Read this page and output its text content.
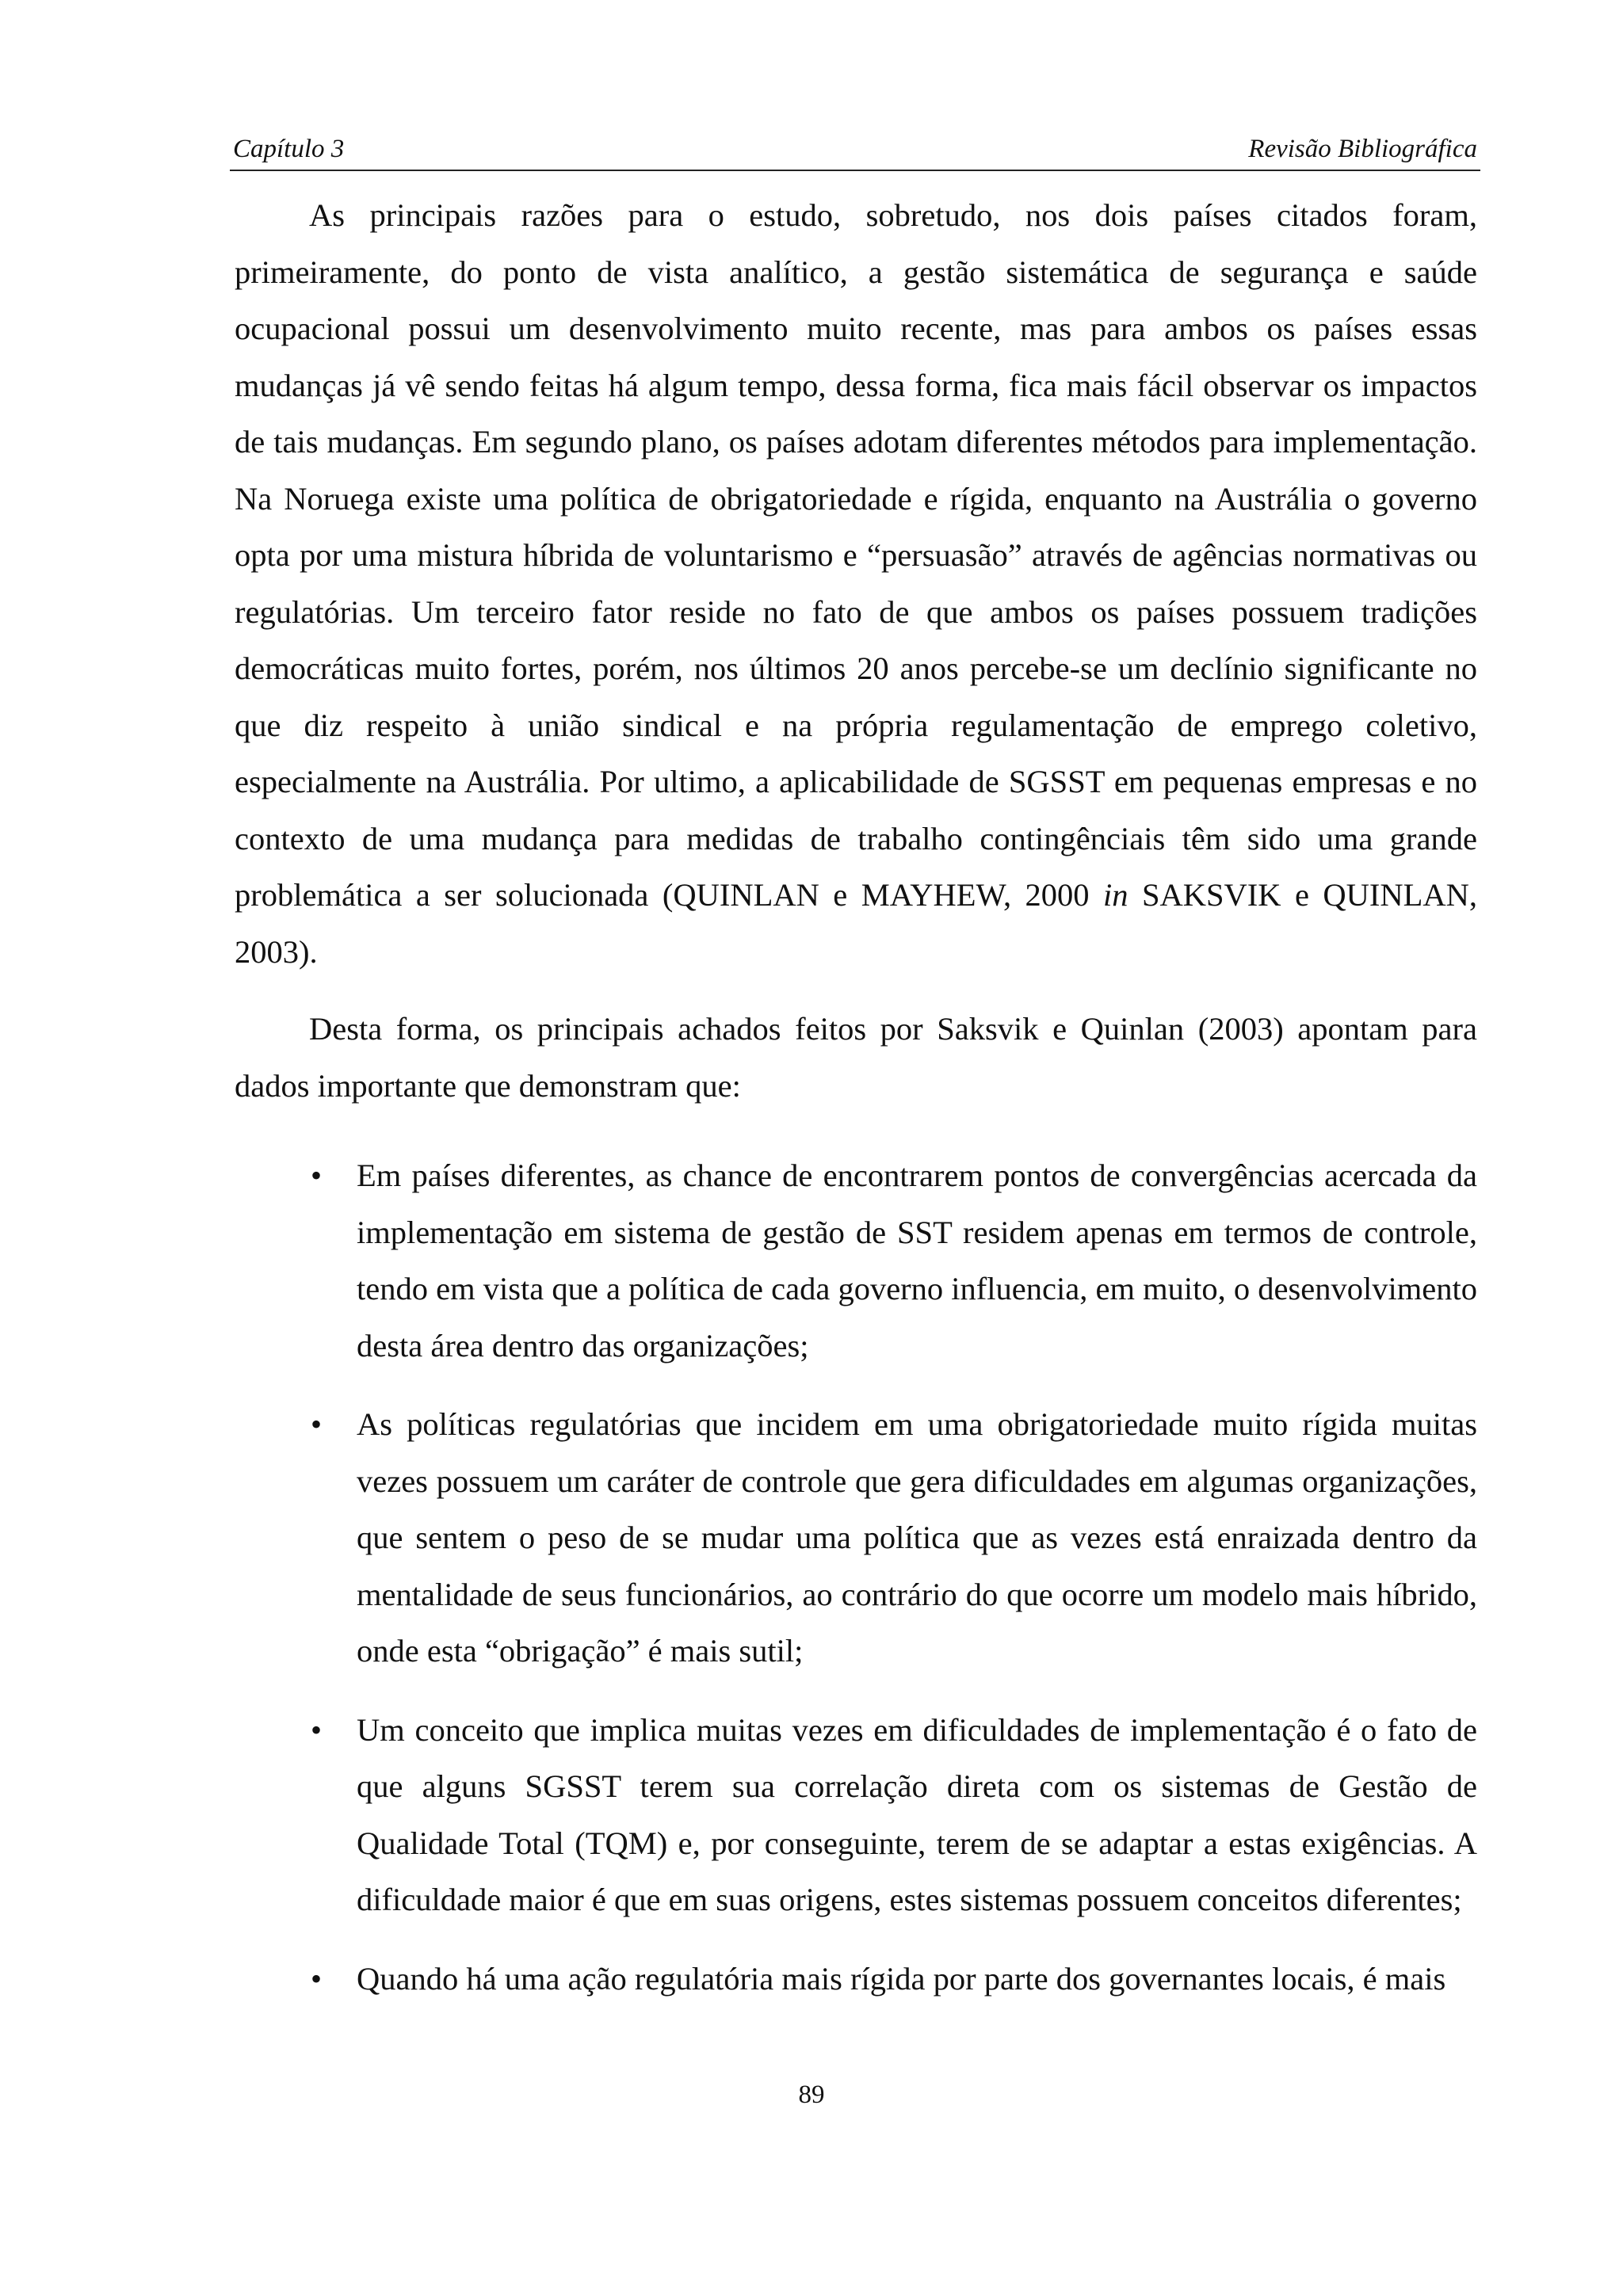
Capítulo 3	Revisão Bibliográfica

As principais razões para o estudo, sobretudo, nos dois países citados foram, primeiramente, do ponto de vista analítico, a gestão sistemática de segurança e saúde ocupacional possui um desenvolvimento muito recente, mas para ambos os países essas mudanças já vê sendo feitas há algum tempo, dessa forma, fica mais fácil observar os impactos de tais mudanças. Em segundo plano, os países adotam diferentes métodos para implementação. Na Noruega existe uma política de obrigatoriedade e rígida, enquanto na Austrália o governo opta por uma mistura híbrida de voluntarismo e “persuasão” através de agências normativas ou regulatórias. Um terceiro fator reside no fato de que ambos os países possuem tradições democráticas muito fortes, porém, nos últimos 20 anos percebe-se um declínio significante no que diz respeito à união sindical e na própria regulamentação de emprego coletivo, especialmente na Austrália. Por ultimo, a aplicabilidade de SGSST em pequenas empresas e no contexto de uma mudança para medidas de trabalho contingênciais têm sido uma grande problemática a ser solucionada (QUINLAN e MAYHEW, 2000 in SAKSVIK e QUINLAN, 2003).

Desta forma, os principais achados feitos por Saksvik e Quinlan (2003) apontam para dados importante que demonstram que:

• Em países diferentes, as chance de encontrarem pontos de convergências acercada da implementação em sistema de gestão de SST residem apenas em termos de controle, tendo em vista que a política de cada governo influencia, em muito, o desenvolvimento desta área dentro das organizações;
• As políticas regulatórias que incidem em uma obrigatoriedade muito rígida muitas vezes possuem um caráter de controle que gera dificuldades em algumas organizações, que sentem o peso de se mudar uma política que as vezes está enraizada dentro da mentalidade de seus funcionários, ao contrário do que ocorre um modelo mais híbrido, onde esta “obrigação” é mais sutil;
• Um conceito que implica muitas vezes em dificuldades de implementação é o fato de que alguns SGSST terem sua correlação direta com os sistemas de Gestão de Qualidade Total (TQM) e, por conseguinte, terem de se adaptar a estas exigências. A dificuldade maior é que em suas origens, estes sistemas possuem conceitos diferentes;
• Quando há uma ação regulatória mais rígida por parte dos governantes locais, é mais
89
